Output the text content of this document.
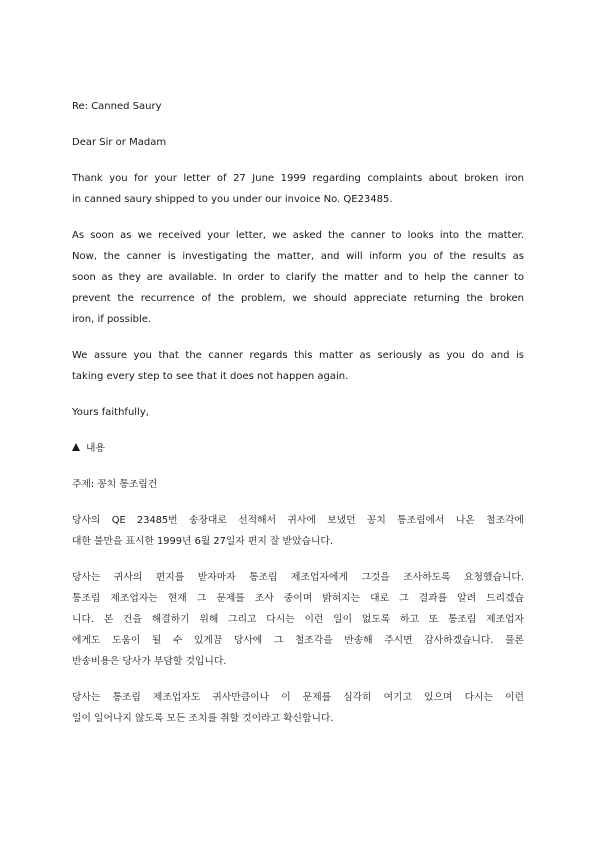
Re: Canned Saury

Dear Sir or Madam

Thank you for your letter of 27 June 1999 regarding complaints about broken iron
in canned saury shipped to you under our invoice No. QE23485.

As soon as we received your letter, we asked the canner to looks into the matter.
Now, the canner is investigating the matter, and will inform you of the results as
soon as they are available. In order to clarify the matter and to help the canner to
prevent the recurrence of the problem, we should appreciate returning the broken
iron, if possible.

We assure you that the canner regards this matter as seriously as you do and is
taking every step to see that it does not happen again.

Yours faithfully,

내용

주제: 꽁치 통조림건

당사의 QE 23485번 송장대로 선적해서 귀사에 보냈던 꽁치 통조림에서 나온 철조각에
대한 불만을 표시한 1999년 6월 27일자 편지 잘 받았습니다.

당사는 귀사의 편지를 받자마자 통조림 제조업자에게 그것을 조사하도록 요청했습니다.
통조림 제조업자는 현재 그 문제를 조사 중이며 밝혀지는 대로 그 결과를 알려 드리겠습
니다. 본 건을 해결하기 위해 그리고 다시는 이런 일이 없도록 하고 또 통조림 제조업자
에게도 도움이 될 수 있게끔 당사에 그 철조각을 반송해 주시면 감사하겠습니다. 물론
반송비용은 당사가 부담할 것입니다.

당사는 통조림 제조업자도 귀사만큼이나 이 문제를 심각히 여기고 있으며 다시는 이런
일이 일어나지 않도록 모든 조치를 취할 것이라고 확신합니다.
